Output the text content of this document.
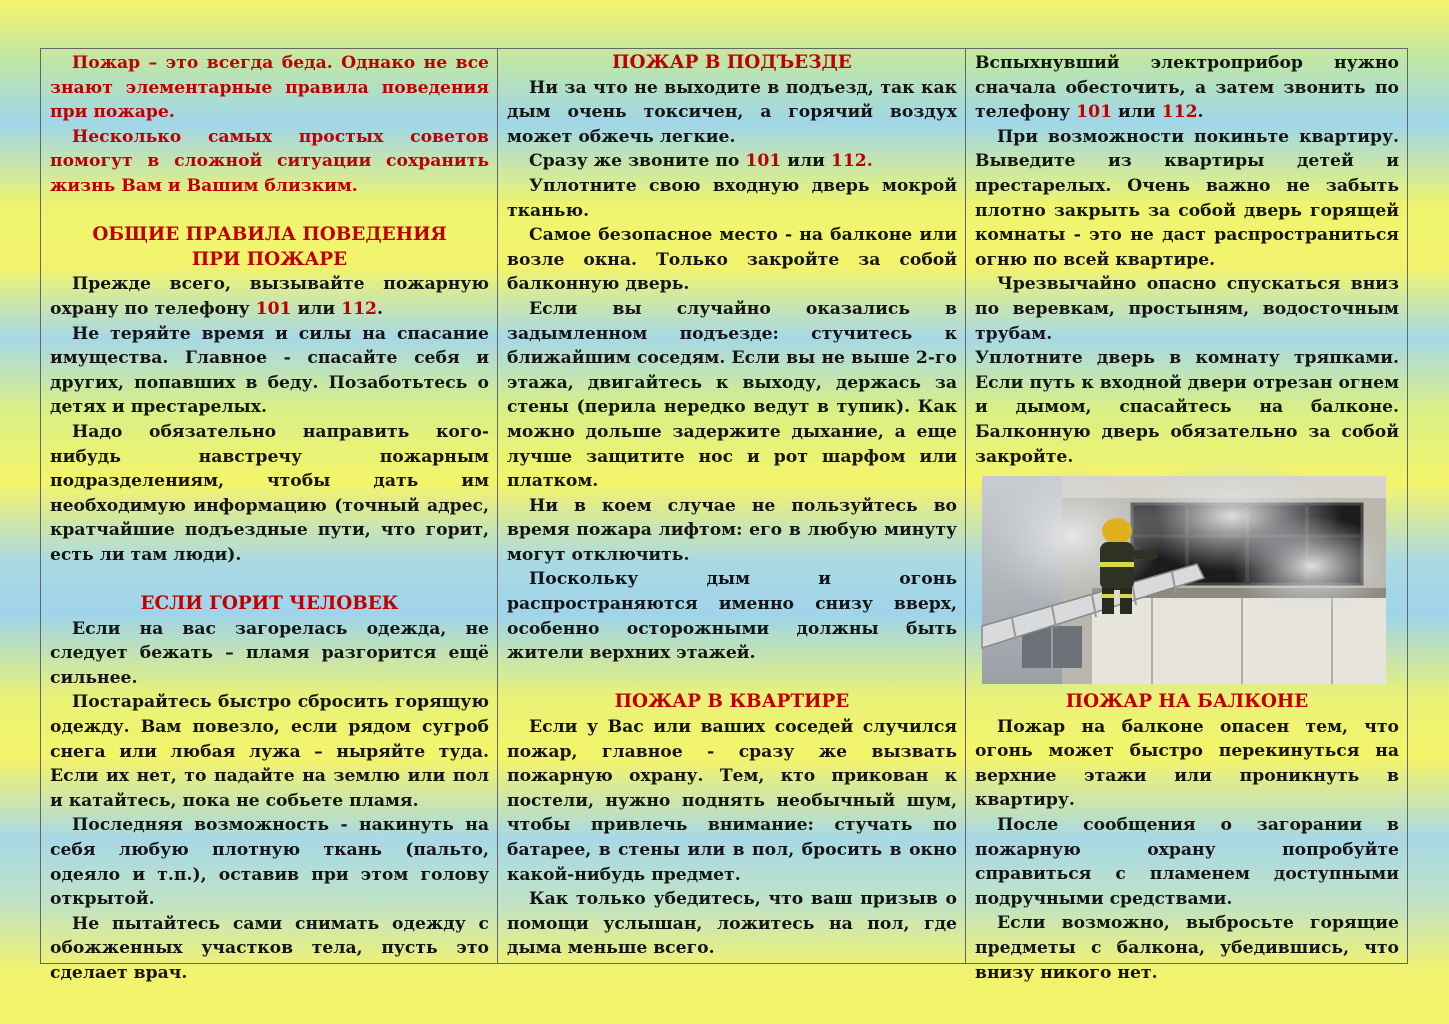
Пожар – это всегда беда. Однако не все знают элементарные правила поведения при пожаре.

Несколько самых простых советов помогут в сложной ситуации сохранить жизнь Вам и Вашим близким.

ОБЩИЕ ПРАВИЛА ПОВЕДЕНИЯ
ПРИ ПОЖАРЕ

Прежде всего, вызывайте пожарную охрану по телефону 101 или 112.

Не теряйте время и силы на спасание имущества. Главное - спасайте себя и других, попавших в беду. Позаботьтесь о детях и престарелых.

Надо обязательно направить кого-нибудь навстречу пожарным подразделениям, чтобы дать им необходимую информацию (точный адрес, кратчайшие подъездные пути, что горит, есть ли там люди).

ЕСЛИ ГОРИТ ЧЕЛОВЕК

Если на вас загорелась одежда, не следует бежать – пламя разгорится ещё сильнее.

Постарайтесь быстро сбросить горящую одежду. Вам повезло, если рядом сугроб снега или любая лужа – ныряйте туда. Если их нет, то падайте на землю или пол и катайтесь, пока не собьете пламя.

Последняя возможность - накинуть на себя любую плотную ткань (пальто, одеяло и т.п.), оставив при этом голову открытой.

Не пытайтесь сами снимать одежду с обожженных участков тела, пусть это сделает врач.

ПОЖАР В ПОДЪЕЗДЕ

Ни за что не выходите в подъезд, так как дым очень токсичен, а горячий воздух может обжечь легкие.

Сразу же звоните по 101 или 112.

Уплотните свою входную дверь мокрой тканью.

Самое безопасное место - на балконе или возле окна. Только закройте за собой балконную дверь.

Если вы случайно оказались в задымленном подъезде: стучитесь к ближайшим соседям. Если вы не выше 2-го этажа, двигайтесь к выходу, держась за стены (перила нередко ведут в тупик). Как можно дольше задержите дыхание, а еще лучше защитите нос и рот шарфом или платком.

Ни в коем случае не пользуйтесь во время пожара лифтом: его в любую минуту могут отключить.

Поскольку дым и огонь распространяются именно снизу вверх, особенно осторожными должны быть жители верхних этажей.

ПОЖАР В КВАРТИРЕ

Если у Вас или ваших соседей случился пожар, главное - сразу же вызвать пожарную охрану. Тем, кто прикован к постели, нужно поднять необычный шум, чтобы привлечь внимание: стучать по батарее, в стены или в пол, бросить в окно какой-нибудь предмет.

Как только убедитесь, что ваш призыв о помощи услышан, ложитесь на пол, где дыма меньше всего.

Вспыхнувший электроприбор нужно сначала обесточить, а затем звонить по телефону 101 или 112.

При возможности покиньте квартиру. Выведите из квартиры детей и престарелых. Очень важно не забыть плотно закрыть за собой дверь горящей комнаты - это не даст распространиться огню по всей квартире.

Чрезвычайно опасно спускаться вниз по веревкам, простыням, водосточным трубам.

Уплотните дверь в комнату тряпками. Если путь к входной двери отрезан огнем и дымом, спасайтесь на балконе. Балконную дверь обязательно за собой закройте.

ПОЖАР НА БАЛКОНЕ

Пожар на балконе опасен тем, что огонь может быстро перекинуться на верхние этажи или проникнуть в квартиру.

После сообщения о загорании в пожарную охрану попробуйте справиться с пламенем доступными подручными средствами.

Если возможно, выбросьте горящие предметы с балкона, убедившись, что внизу никого нет.
